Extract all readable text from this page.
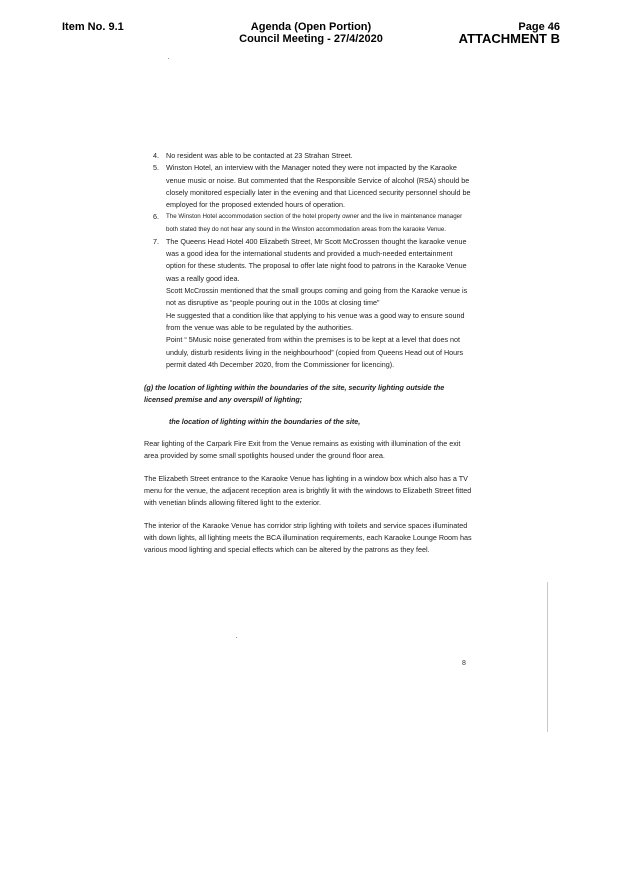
Item No. 9.1	Agenda (Open Portion)
Council Meeting - 27/4/2020
Page 46
ATTACHMENT B
4. No resident was able to be contacted at 23 Strahan Street.
5. Winston Hotel, an interview with the Manager noted they were not impacted by the Karaoke venue music or noise. But commented that the Responsible Service of alcohol (RSA) should be closely monitored especially later in the evening and that Licenced security personnel should be employed for the proposed extended hours of operation.
6. The Winston Hotel accommodation section of the hotel property owner and the live in maintenance manager both stated they do not hear any sound in the Winston accommodation areas from the karaoke Venue.
7. The Queens Head Hotel 400 Elizabeth Street, Mr Scott McCrossen thought the karaoke venue was a good idea for the international students and provided a much-needed entertainment option for these students. The proposal to offer late night food to patrons in the Karaoke Venue was a really good idea.
Scott McCrossin mentioned that the small groups coming and going from the Karaoke venue is not as disruptive as “people pouring out in the 100s at closing time”
He suggested that a condition like that applying to his venue was a good way to ensure sound from the venue was able to be regulated by the authorities.
Point “ 5Music noise generated from within the premises is to be kept at a level that does not unduly, disturb residents living in the neighbourhood” (copied from Queens Head out of Hours permit dated 4th December 2020, from the Commissioner for licencing).
(g) the location of lighting within the boundaries of the site, security lighting outside the licensed premise and any overspill of lighting;
the location of lighting within the boundaries of the site,
Rear lighting of the Carpark Fire Exit from the Venue remains as existing with illumination of the exit area provided by some small spotlights housed under the ground floor area.
The Elizabeth Street entrance to the Karaoke Venue has lighting in a window box which also has a TV menu for the venue, the adjacent reception area is brightly lit with the windows to Elizabeth Street fitted with venetian blinds allowing filtered light to the exterior.
The interior of the Karaoke Venue has corridor strip lighting with toilets and service spaces illuminated with down lights, all lighting meets the BCA illumination requirements, each Karaoke Lounge Room has various mood lighting and special effects which can be altered by the patrons as they feel.
8
